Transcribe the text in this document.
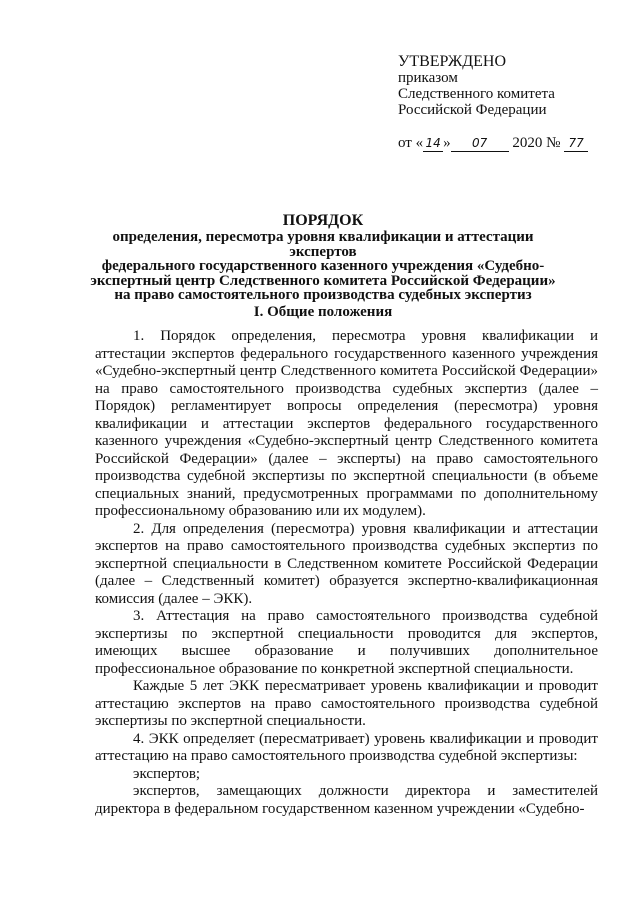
УТВЕРЖДЕНО
приказом
Следственного комитета
Российской Федерации
от « 14 » 07 2020 № 77
ПОРЯДОК
определения, пересмотра уровня квалификации и аттестации экспертов
федерального государственного казенного учреждения «Судебно-
экспертный центр Следственного комитета Российской Федерации»
на право самостоятельного производства судебных экспертиз
I. Общие положения

1. Порядок определения, пересмотра уровня квалификации и аттестации экспертов федерального государственного казенного учреждения «Судебно-экспертный центр Следственного комитета Российской Федерации» на право самостоятельного производства судебных экспертиз (далее – Порядок) регламентирует вопросы определения (пересмотра) уровня квалификации и аттестации экспертов федерального государственного казенного учреждения «Судебно-экспертный центр Следственного комитета Российской Федерации» (далее – эксперты) на право самостоятельного производства судебной экспертизы по экспертной специальности (в объеме специальных знаний, предусмотренных программами по дополнительному профессиональному образованию или их модулем).

2. Для определения (пересмотра) уровня квалификации и аттестации экспертов на право самостоятельного производства судебных экспертиз по экспертной специальности в Следственном комитете Российской Федерации (далее – Следственный комитет) образуется экспертно-квалификационная комиссия (далее – ЭКК).

3. Аттестация на право самостоятельного производства судебной экспертизы по экспертной специальности проводится для экспертов, имеющих высшее образование и получивших дополнительное профессиональное образование по конкретной экспертной специальности.

Каждые 5 лет ЭКК пересматривает уровень квалификации и проводит аттестацию экспертов на право самостоятельного производства судебной экспертизы по экспертной специальности.

4. ЭКК определяет (пересматривает) уровень квалификации и проводит аттестацию на право самостоятельного производства судебной экспертизы:

экспертов;

экспертов, замещающих должности директора и заместителей директора в федеральном государственном казенном учреждении «Судебно-
